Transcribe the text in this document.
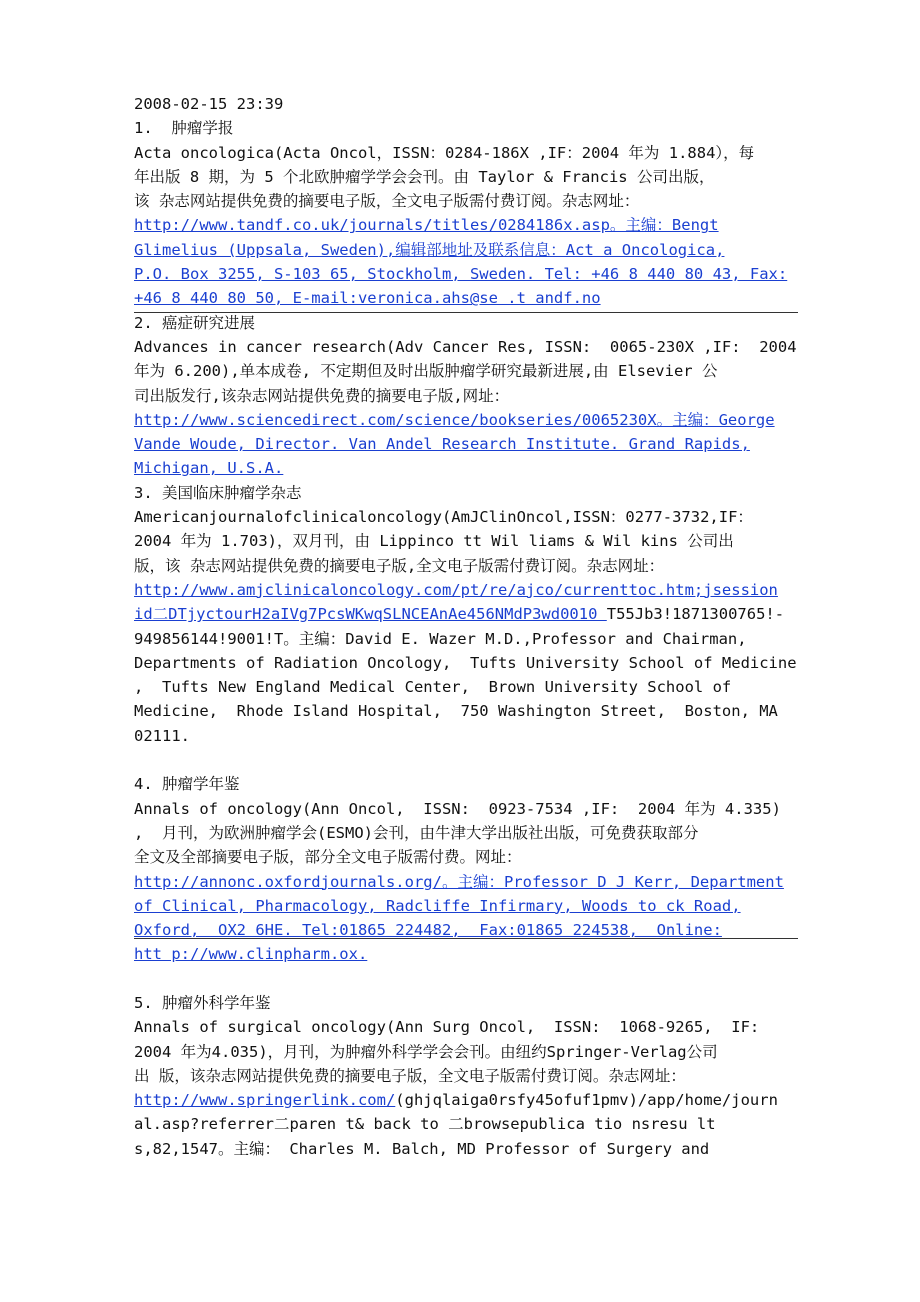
2008-02-15 23:39
1.  肿瘤学报
Acta oncologica(Acta Oncol，ISSN：0284-186X ,IF：2004 年为 1.884），每
年出版 8 期，为 5 个北欧肿瘤学学会会刊。由 Taylor & Francis 公司出版，
该 杂志网站提供免费的摘要电子版，全文电子版需付费订阅。杂志网址：
http://www.tandf.co.uk/journals/titles/0284186x.asp。主编：Bengt
Glimelius (Uppsala, Sweden),编辑部地址及联系信息：Act a Oncologica,
P.O. Box 3255, S-103 65, Stockholm, Sweden. Tel: +46 8 440 80 43, Fax:
+46 8 440 80 50, E-mail:veronica.ahs@se .t andf.no
2. 癌症研究进展
Advances in cancer research(Adv Cancer Res, ISSN:  0065-230X ,IF:  2004
年为 6.200),单本成卷, 不定期但及时出版肿瘤学研究最新进展,由 Elsevier 公
司出版发行,该杂志网站提供免费的摘要电子版,网址：
http://www.sciencedirect.com/science/bookseries/0065230X。主编：George
Vande Woude, Director. Van Andel Research Institute. Grand Rapids,
Michigan, U.S.A.
3. 美国临床肿瘤学杂志
Americanjournalofclinicaloncology(AmJClinOncol,ISSN：0277-3732,IF：
2004 年为 1.703)，双月刊，由 Lippinco tt Wil liams & Wil kins 公司出
版，该 杂志网站提供免费的摘要电子版,全文电子版需付费订阅。杂志网址：
http://www.amjclinicaloncology.com/pt/re/ajco/currenttoc.htm;jsession
id二DTjyctourH2aIVg7PcsWKwqSLNCEAnAe456NMdP3wd0010 T55Jb3!1871300765!-
949856144!9001!T。主编：David E. Wazer M.D.,Professor and Chairman,
Departments of Radiation Oncology,  Tufts University School of Medicine
,  Tufts New England Medical Center,  Brown University School of
Medicine,  Rhode Island Hospital,  750 Washington Street,  Boston, MA
02111.
4. 肿瘤学年鉴
Annals of oncology(Ann Oncol,  ISSN:  0923-7534 ,IF:  2004 年为 4.335)
,  月刊，为欧洲肿瘤学会(ESMO)会刊，由牛津大学出版社出版，可免费获取部分
全文及全部摘要电子版，部分全文电子版需付费。网址：
http://annonc.oxfordjournals.org/。主编：Professor D J Kerr, Department
of Clinical, Pharmacology, Radcliffe Infirmary, Woods to ck Road,
Oxford,  OX2 6HE. Tel:01865 224482,  Fax:01865 224538,  Online:
htt p://www.clinpharm.ox.
5. 肿瘤外科学年鉴
Annals of surgical oncology(Ann Surg Oncol,  ISSN:  1068-9265,  IF:
2004 年为4.035)，月刊，为肿瘤外科学学会会刊。由纽约Springer-Verlag公司
出 版，该杂志网站提供免费的摘要电子版，全文电子版需付费订阅。杂志网址：
http://www.springerlink.com/(ghjqlaiga0rsfy45ofuf1pmv)/app/home/journ
al.asp?referrer二paren t& back to 二browsepublica tio nsresu lt
s,82,1547。主编： Charles M. Balch, MD Professor of Surgery and
